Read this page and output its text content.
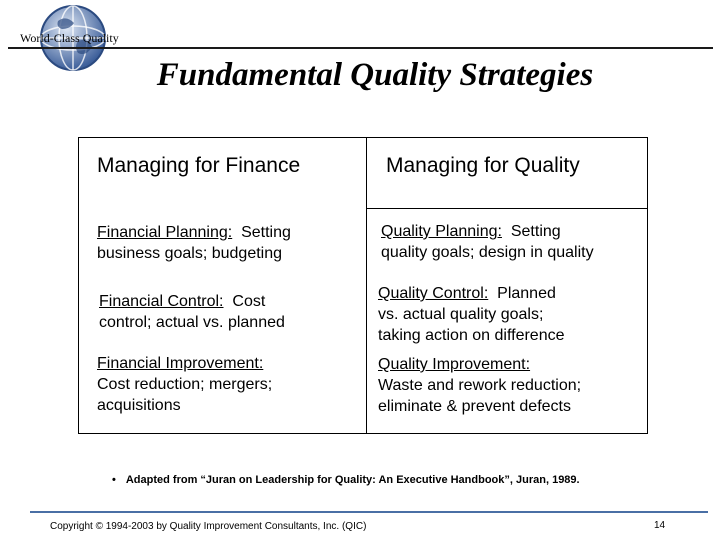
World-Class Quality
Fundamental Quality Strategies
Managing for Finance	Managing for Quality
Financial Planning:  Setting
business goals; budgeting
Financial Control:  Cost
control; actual vs. planned
Financial Improvement:
Cost reduction; mergers;
acquisitions
Quality Planning:  Setting
quality goals; design in quality
Quality Control:  Planned
vs. actual quality goals;
taking action on difference
Quality Improvement:
Waste and rework reduction;
eliminate & prevent defects
• Adapted from “Juran on Leadership for Quality: An Executive Handbook”, Juran, 1989.
Copyright © 1994-2003 by Quality Improvement Consultants, Inc. (QIC)	14
